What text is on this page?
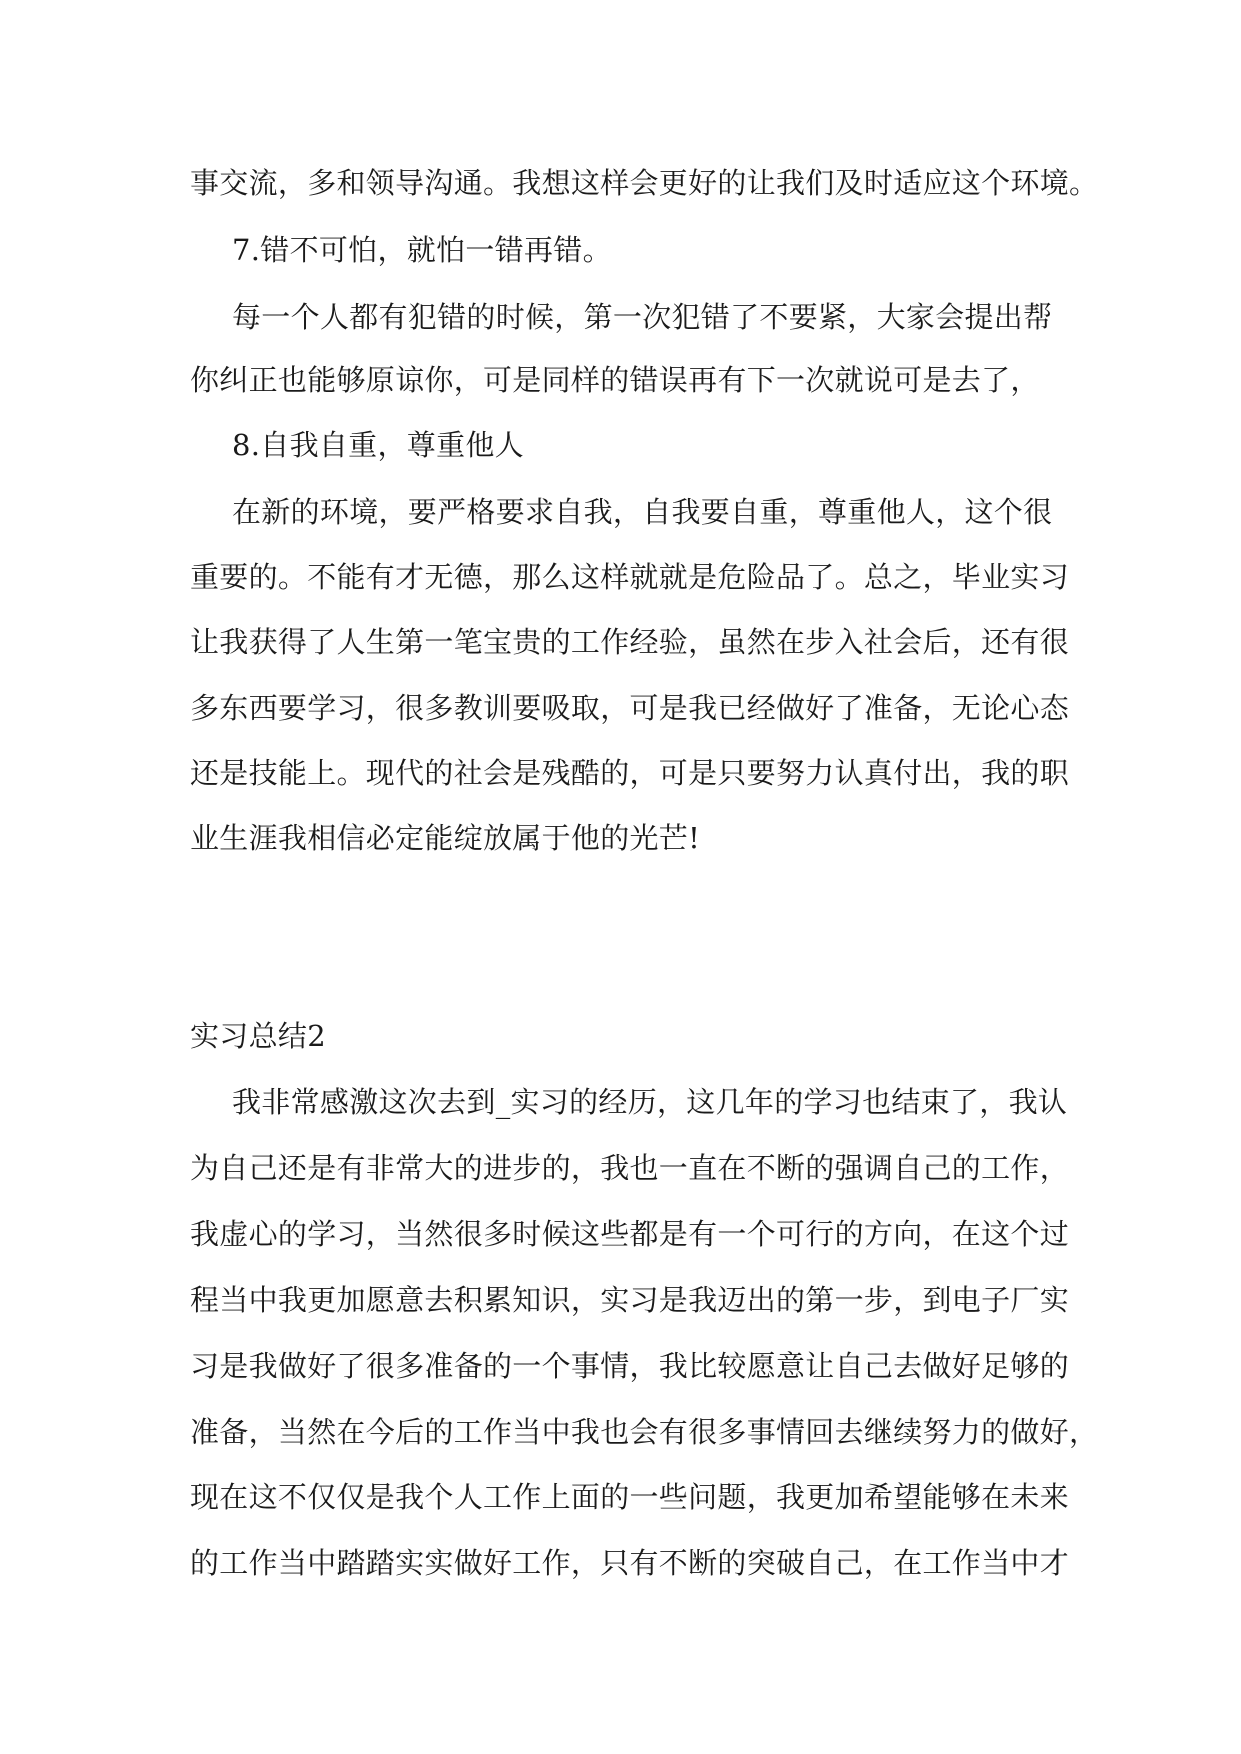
事交流，多和领导沟通。我想这样会更好的让我们及时适应这个环境。
7.错不可怕，就怕一错再错。
每一个人都有犯错的时候，第一次犯错了不要紧，大家会提出帮
你纠正也能够原谅你，可是同样的错误再有下一次就说可是去了，
8.自我自重，尊重他人
在新的环境，要严格要求自我，自我要自重，尊重他人，这个很
重要的。不能有才无德，那么这样就就是危险品了。总之，毕业实习
让我获得了人生第一笔宝贵的工作经验，虽然在步入社会后，还有很
多东西要学习，很多教训要吸取，可是我已经做好了准备，无论心态
还是技能上。现代的社会是残酷的，可是只要努力认真付出，我的职
业生涯我相信必定能绽放属于他的光芒!
实习总结2
我非常感激这次去到_实习的经历，这几年的学习也结束了，我认
为自己还是有非常大的进步的，我也一直在不断的强调自己的工作，
我虚心的学习，当然很多时候这些都是有一个可行的方向，在这个过
程当中我更加愿意去积累知识，实习是我迈出的第一步，到电子厂实
习是我做好了很多准备的一个事情，我比较愿意让自己去做好足够的
准备，当然在今后的工作当中我也会有很多事情回去继续努力的做好，
现在这不仅仅是我个人工作上面的一些问题，我更加希望能够在未来
的工作当中踏踏实实做好工作，只有不断的突破自己，在工作当中才
